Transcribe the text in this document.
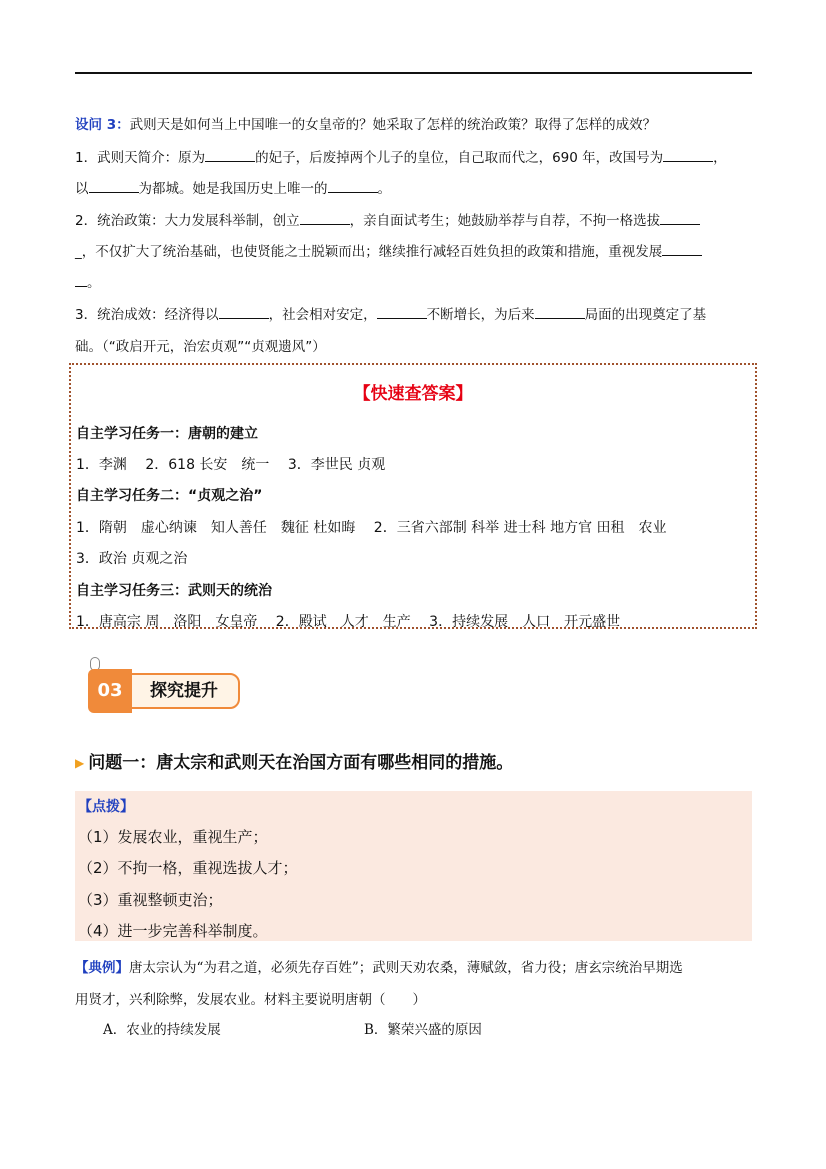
设问 3：武则天是如何当上中国唯一的女皇帝的？她采取了怎样的统治政策？取得了怎样的成效？
1．武则天简介：原为	的妃子，后废掉两个儿子的皇位，自己取而代之，690 年，改国号为	，
以	为都城。她是我国历史上唯一的	。
2．统治政策：大力发展科举制，创立	，亲自面试考生；她鼓励举荐与自荐，不拘一格选拔
_，不仅扩大了统治基础，也使贤能之士脱颖而出；继续推行减轻百姓负担的政策和措施，重视发展
。
3．统治成效：经济得以	，社会相对安定，	不断增长，为后来	局面的出现奠定了基
础。（“政启开元，治宏贞观”“贞观遗风”）
【快速查答案】
自主学习任务一：唐朝的建立
1．李渊　 2．618 长安　统一　 3．李世民 贞观
自主学习任务二：“贞观之治”
1．隋朝　虚心纳谏　知人善任　魏征 杜如晦　 2．三省六部制 科举 进士科 地方官 田租　农业
3．政治 贞观之治
自主学习任务三：武则天的统治
1．唐高宗 周　洛阳　女皇帝　 2．殿试　人才　生产　 3．持续发展　人口　开元盛世
探究提升
03
▶ 问题一：唐太宗和武则天在治国方面有哪些相同的措施。
【点拨】
（1）发展农业，重视生产；
（2）不拘一格，重视选拔人才；
（3）重视整顿吏治；
（4）进一步完善科举制度。
【典例】唐太宗认为“为君之道，必须先存百姓”；武则天劝农桑，薄赋敛，省力役；唐玄宗统治早期选
用贤才，兴利除弊，发展农业。材料主要说明唐朝（　　）
A．农业的持续发展	B．繁荣兴盛的原因
